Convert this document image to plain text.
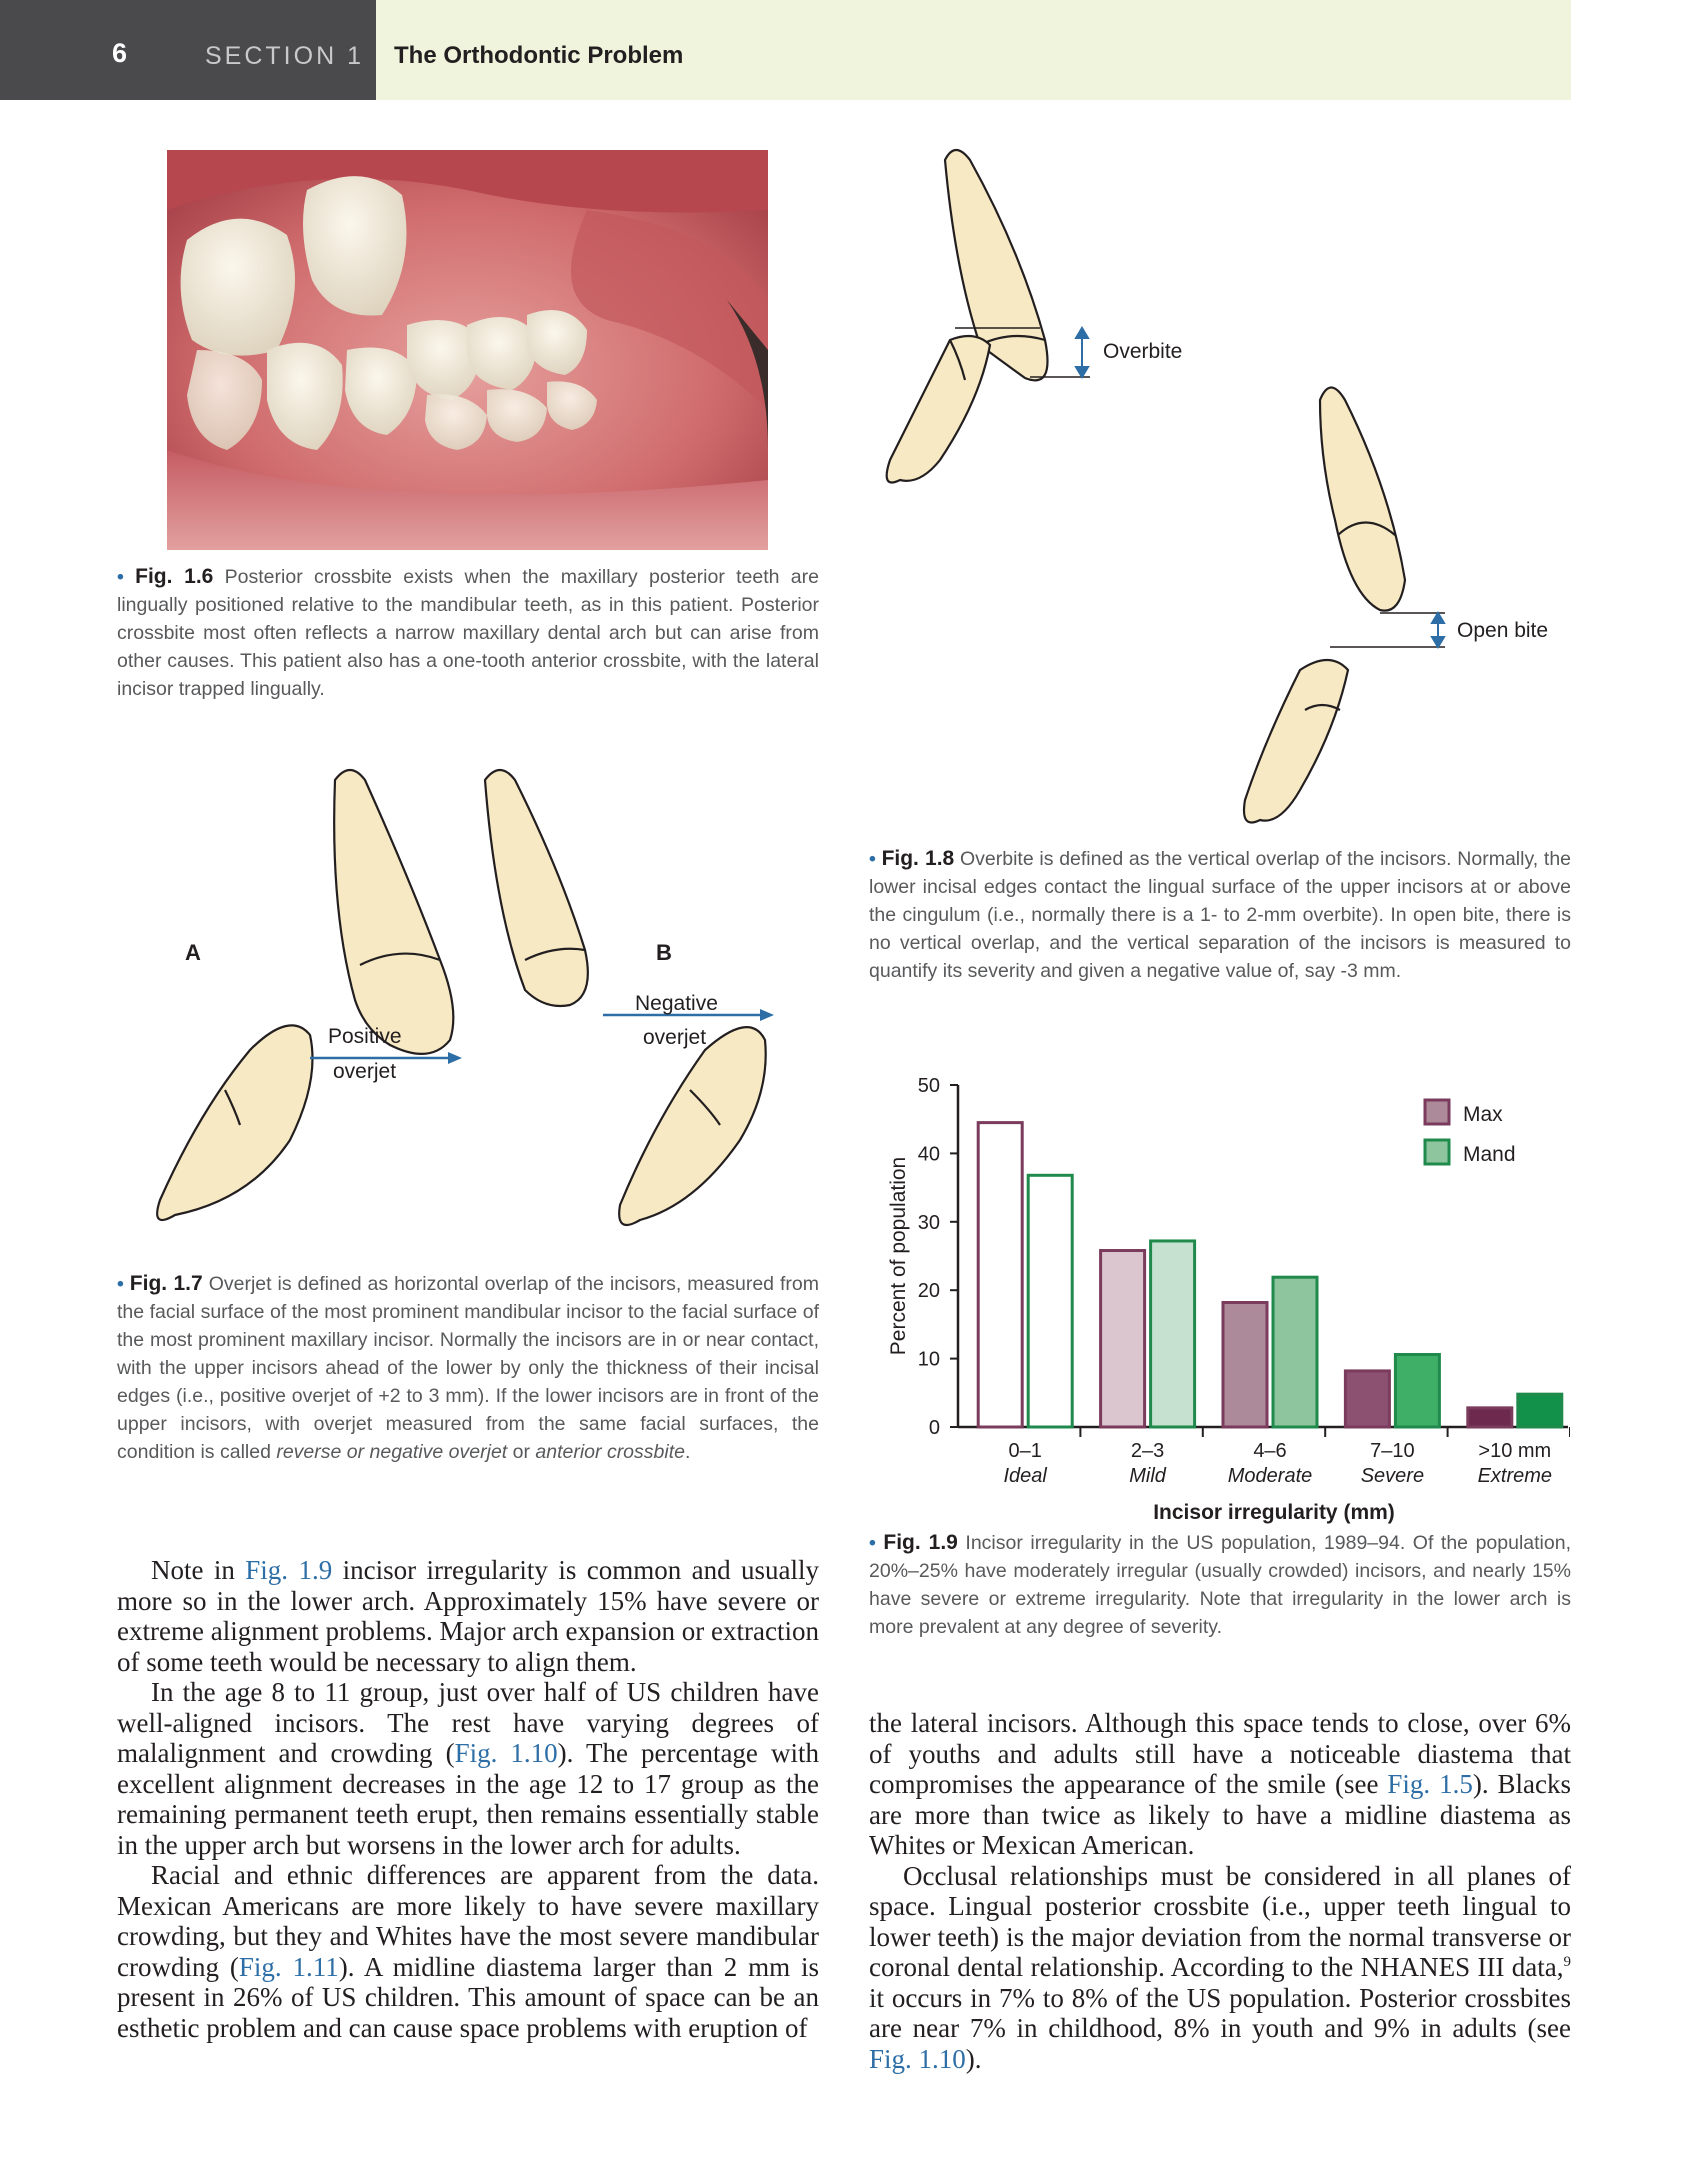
6	SECTION 1 The Orthodontic Problem
• Fig. 1.6 Posterior crossbite exists when the maxillary posterior teeth are lingually positioned relative to the mandibular teeth, as in this patient. Posterior crossbite most often reflects a narrow maxillary dental arch but can arise from other causes. This patient also has a one-tooth anterior crossbite, with the lateral incisor trapped lingually.
Overbite
Open bite
• Fig. 1.8 Overbite is defined as the vertical overlap of the incisors. Normally, the lower incisal edges contact the lingual surface of the upper incisors at or above the cingulum (i.e., normally there is a 1- to 2-mm overbite). In open bite, there is no vertical overlap, and the vertical separation of the incisors is measured to quantify its severity and given a negative value of, say -3 mm.
A
Positive
overjet
B
Negative
overjet
• Fig. 1.7 Overjet is defined as horizontal overlap of the incisors, measured from the facial surface of the most prominent mandibular incisor to the facial surface of the most prominent maxillary incisor. Normally the incisors are in or near contact, with the upper incisors ahead of the lower by only the thickness of their incisal edges (i.e., positive overjet of +2 to 3 mm). If the lower incisors are in front of the upper incisors, with overjet measured from the same facial surfaces, the condition is called reverse or negative overjet or anterior crossbite.
0
10
20
30
40
50
Percent of population
0–1
Ideal
2–3
Mild
4–6
Moderate
7–10
Severe
>10 mm
Extreme
Incisor irregularity (mm)
Max
Mand
• Fig. 1.9 Incisor irregularity in the US population, 1989–94. Of the population, 20%–25% have moderately irregular (usually crowded) incisors, and nearly 15% have severe or extreme irregularity. Note that irregularity in the lower arch is more prevalent at any degree of severity.

Note in Fig. 1.9 incisor irregularity is common and usually more so in the lower arch. Approximately 15% have severe or extreme alignment problems. Major arch expansion or extraction of some teeth would be necessary to align them.

In the age 8 to 11 group, just over half of US children have well-aligned incisors. The rest have varying degrees of malalignment and crowding (Fig. 1.10). The percentage with excellent alignment decreases in the age 12 to 17 group as the remaining permanent teeth erupt, then remains essentially stable in the upper arch but worsens in the lower arch for adults.

Racial and ethnic differences are apparent from the data. Mexican Americans are more likely to have severe maxillary crowding, but they and Whites have the most severe mandibular crowding (Fig. 1.11). A midline diastema larger than 2 mm is present in 26% of US children. This amount of space can be an esthetic problem and can cause space problems with eruption of

the lateral incisors. Although this space tends to close, over 6% of youths and adults still have a noticeable diastema that compromises the appearance of the smile (see Fig. 1.5). Blacks are more than twice as likely to have a midline diastema as Whites or Mexican American.

Occlusal relationships must be considered in all planes of space. Lingual posterior crossbite (i.e., upper teeth lingual to lower teeth) is the major deviation from the normal transverse or coronal dental relationship. According to the NHANES III data,$^9$ it occurs in 7% to 8% of the US population. Posterior crossbites are near 7% in childhood, 8% in youth and 9% in adults (see Fig. 1.10).
